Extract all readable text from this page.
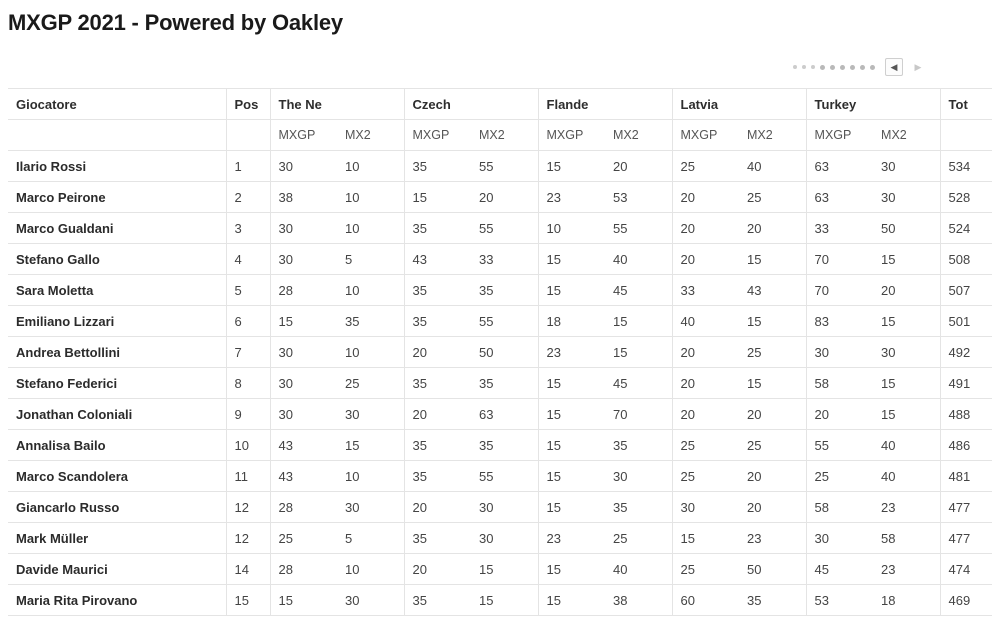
MXGP 2021 - Powered by Oakley
◀	▶
Giocatore	Pos	The Ne		Czech		Flande		Latvia		Turkey		Tot
		MXGP	MX2	MXGP	MX2	MXGP	MX2	MXGP	MX2	MXGP	MX2	
Ilario Rossi	1	30	10	35	55	15	20	25	40	63	30	534
Marco Peirone	2	38	10	15	20	23	53	20	25	63	30	528
Marco Gualdani	3	30	10	35	55	10	55	20	20	33	50	524
Stefano Gallo	4	30	5	43	33	15	40	20	15	70	15	508
Sara Moletta	5	28	10	35	35	15	45	33	43	70	20	507
Emiliano Lizzari	6	15	35	35	55	18	15	40	15	83	15	501
Andrea Bettollini	7	30	10	20	50	23	15	20	25	30	30	492
Stefano Federici	8	30	25	35	35	15	45	20	15	58	15	491
Jonathan Coloniali	9	30	30	20	63	15	70	20	20	20	15	488
Annalisa Bailo	10	43	15	35	35	15	35	25	25	55	40	486
Marco Scandolera	11	43	10	35	55	15	30	25	20	25	40	481
Giancarlo Russo	12	28	30	20	30	15	35	30	20	58	23	477
Mark Müller	12	25	5	35	30	23	25	15	23	30	58	477
Davide Maurici	14	28	10	20	15	15	40	25	50	45	23	474
Maria Rita Pirovano	15	15	30	35	15	15	38	60	35	53	18	469
